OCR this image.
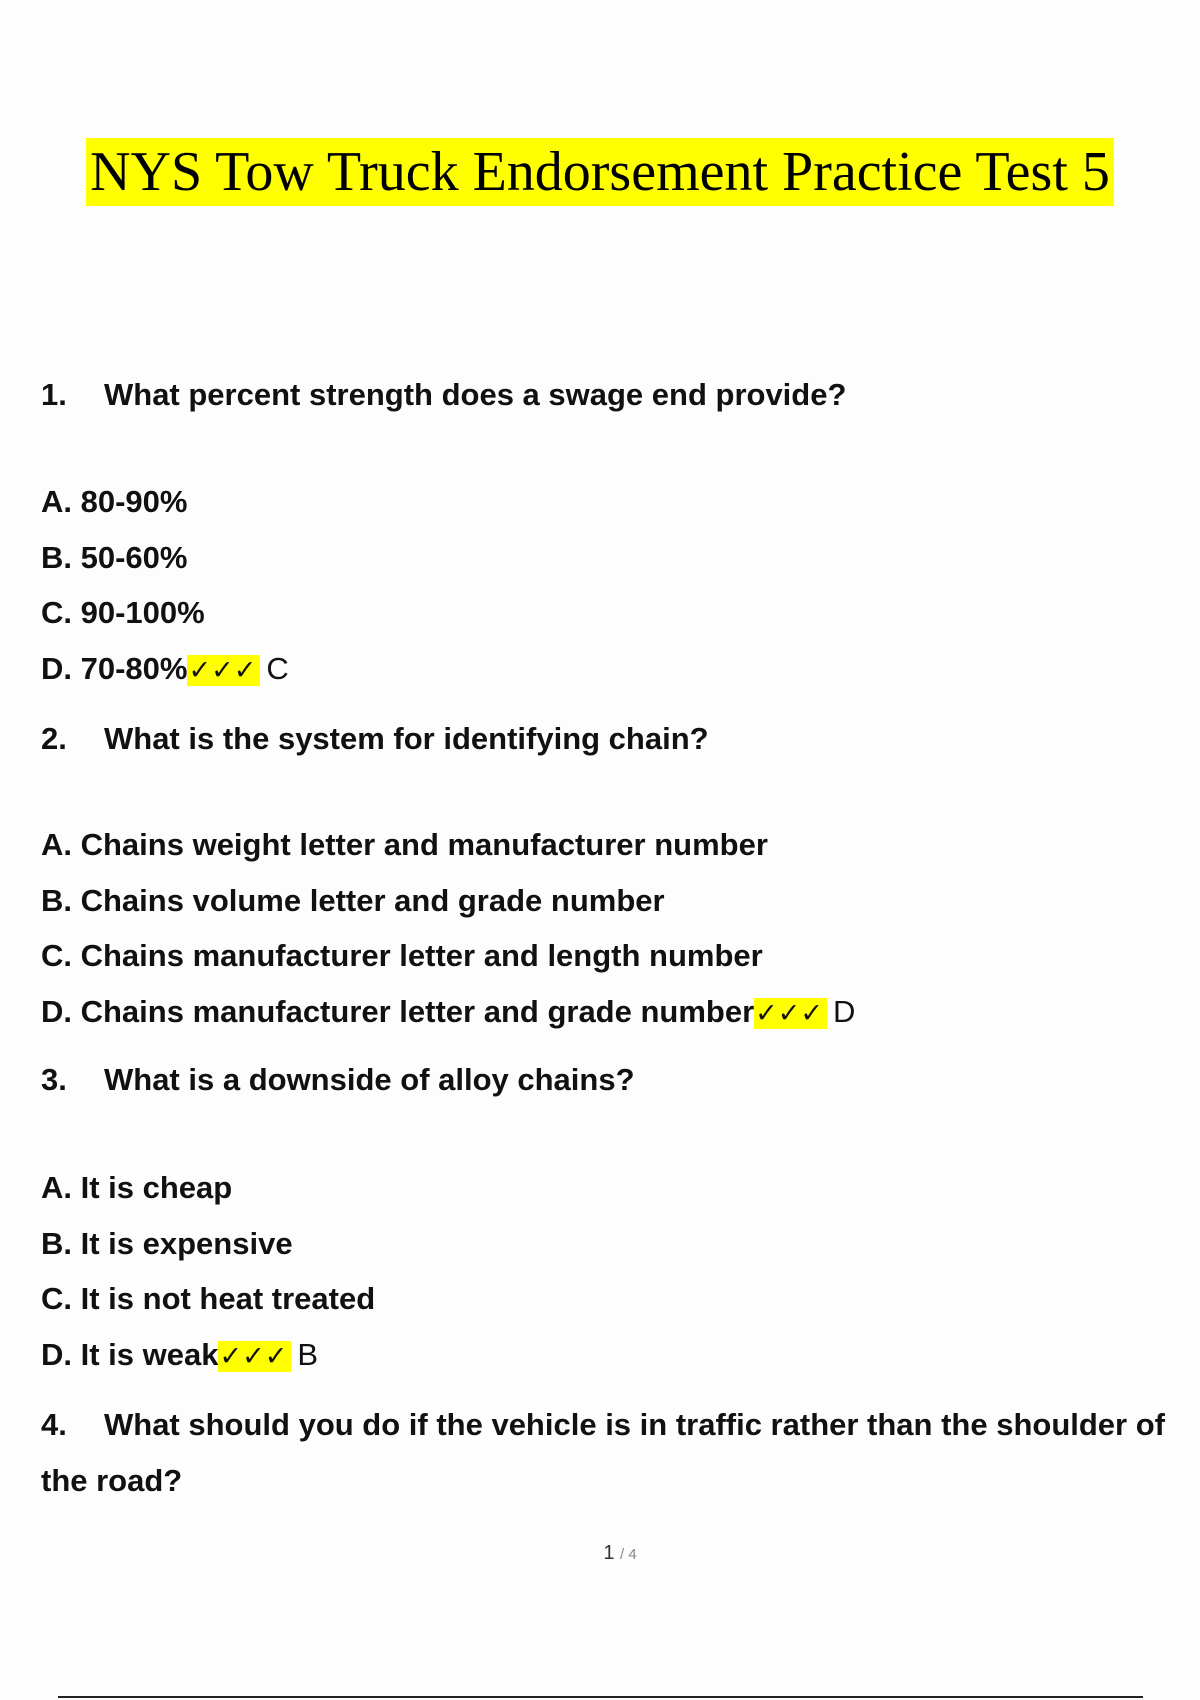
NYS Tow Truck Endorsement Practice Test 5
1. What percent strength does a swage end provide?
A. 80-90%
B. 50-60%
C. 90-100%
D. 70-80%✓✓✓ C
2. What is the system for identifying chain?
A. Chains weight letter and manufacturer number
B. Chains volume letter and grade number
C. Chains manufacturer letter and length number
D. Chains manufacturer letter and grade number✓✓✓ D
3. What is a downside of alloy chains?
A. It is cheap
B. It is expensive
C. It is not heat treated
D. It is weak✓✓✓ B
4. What should you do if the vehicle is in traffic rather than the shoulder of the road?
1 / 4
